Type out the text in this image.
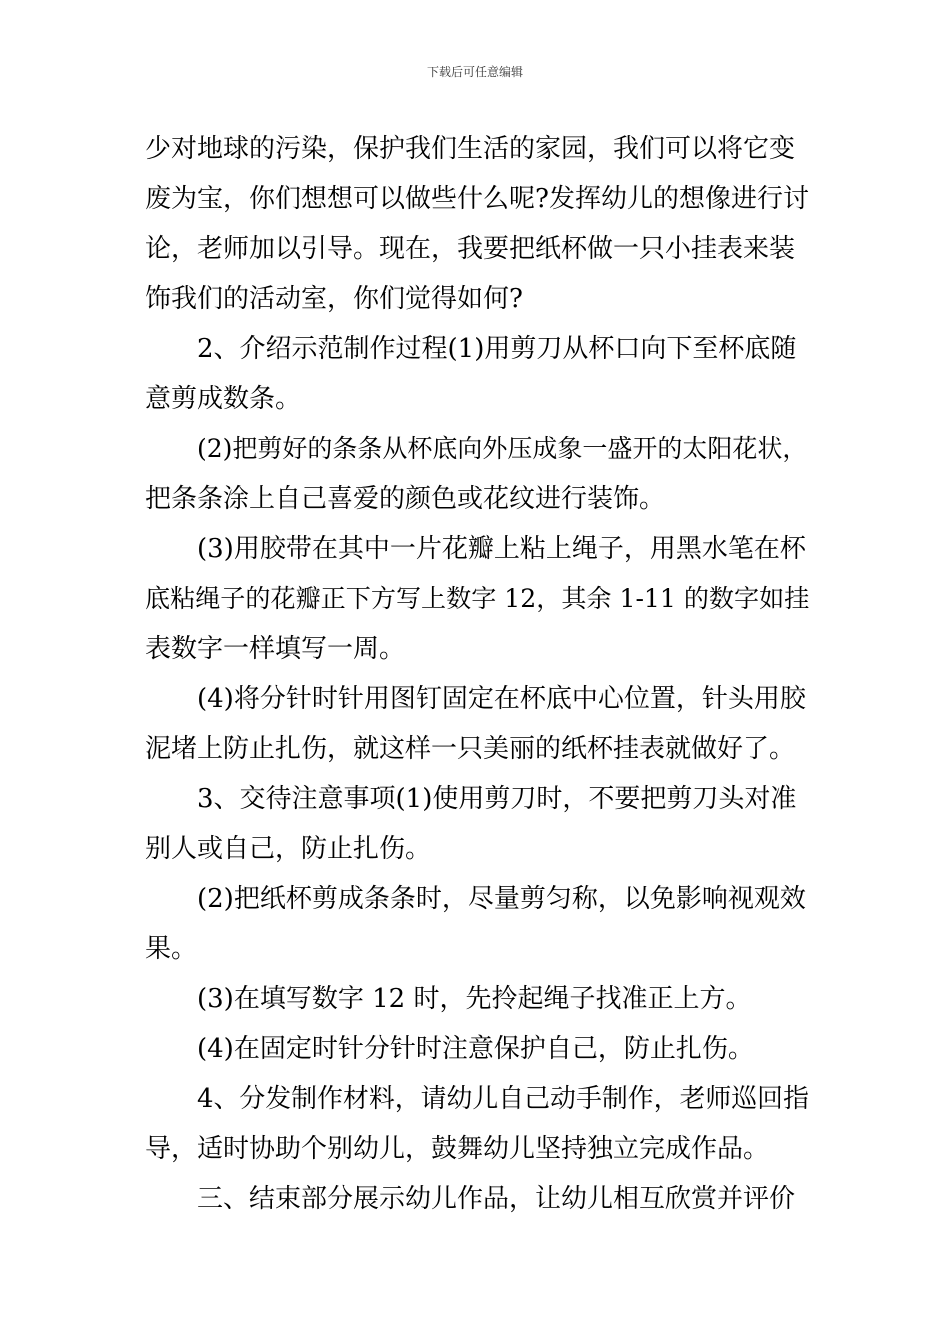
下载后可任意编辑
少对地球的污染，保护我们生活的家园，我们可以将它变
废为宝，你们想想可以做些什么呢?发挥幼儿的想像进行讨
论，老师加以引导。现在，我要把纸杯做一只小挂表来装
饰我们的活动室，你们觉得如何?
2、介绍示范制作过程(1)用剪刀从杯口向下至杯底随
意剪成数条。
(2)把剪好的条条从杯底向外压成象一盛开的太阳花状，
把条条涂上自己喜爱的颜色或花纹进行装饰。
(3)用胶带在其中一片花瓣上粘上绳子，用黑水笔在杯
底粘绳子的花瓣正下方写上数字 12，其余 1-11 的数字如挂
表数字一样填写一周。
(4)将分针时针用图钉固定在杯底中心位置，针头用胶
泥堵上防止扎伤，就这样一只美丽的纸杯挂表就做好了。
3、交待注意事项(1)使用剪刀时，不要把剪刀头对准
别人或自己，防止扎伤。
(2)把纸杯剪成条条时，尽量剪匀称，以免影响视观效
果。
(3)在填写数字 12 时，先拎起绳子找准正上方。
(4)在固定时针分针时注意保护自己，防止扎伤。
4、分发制作材料，请幼儿自己动手制作，老师巡回指
导，适时协助个别幼儿，鼓舞幼儿坚持独立完成作品。
三、结束部分展示幼儿作品，让幼儿相互欣赏并评价
